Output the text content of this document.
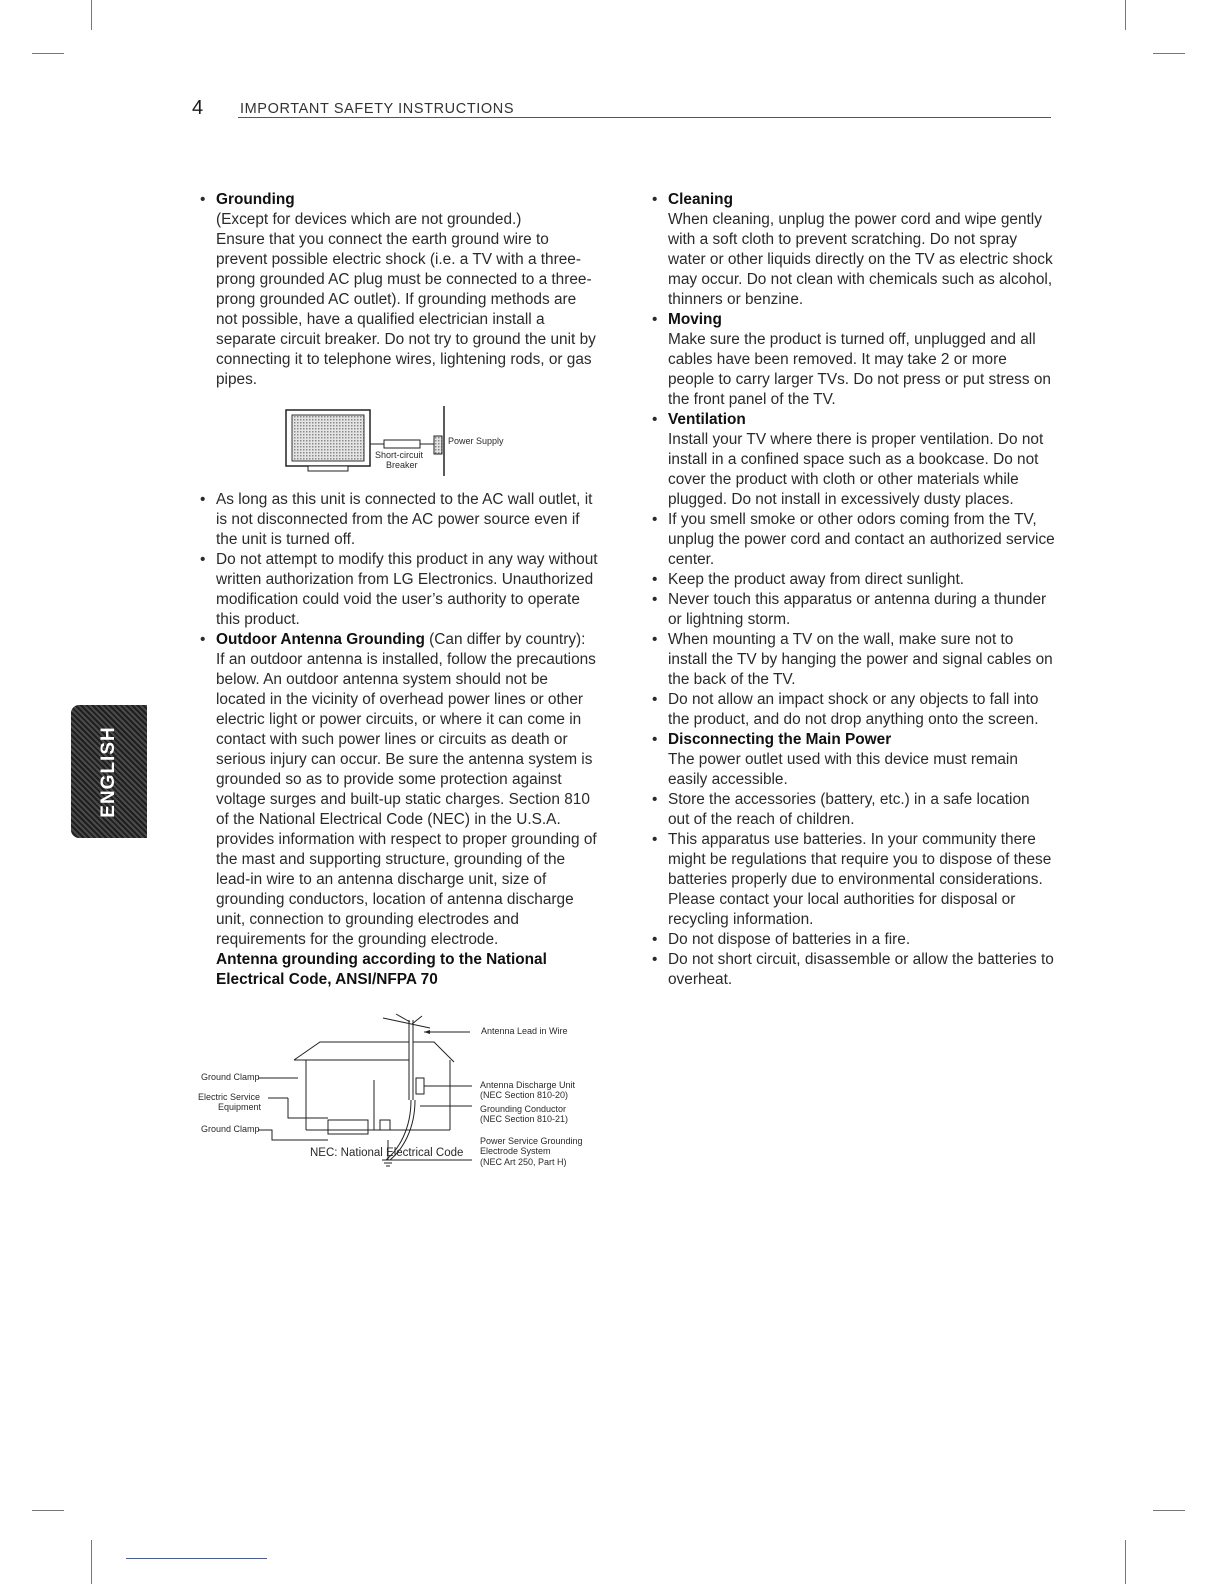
4	IMPORTANT SAFETY INSTRUCTIONS
ENGLISH
• Grounding
(Except for devices which are not grounded.)
Ensure that you connect the earth ground wire to prevent possible electric shock (i.e. a TV with a three-prong grounded AC plug must be connected to a three-prong grounded AC outlet). If grounding methods are not possible, have a qualified electrician install a separate circuit breaker. Do not try to ground the unit by connecting it to telephone wires, lightening rods, or gas pipes.
Power Supply
Short-circuit
Breaker
• As long as this unit is connected to the AC wall outlet, it is not disconnected from the AC power source even if the unit is turned off.
• Do not attempt to modify this product in any way without written authorization from LG Electronics. Unauthorized modification could void the user’s authority to operate this product.
• Outdoor Antenna Grounding (Can differ by country):
If an outdoor antenna is installed, follow the precautions below. An outdoor antenna system should not be located in the vicinity of overhead power lines or other electric light or power circuits, or where it can come in contact with such power lines or circuits as death or serious injury can occur. Be sure the antenna system is grounded so as to provide some protection against voltage surges and built-up static charges. Section 810 of the National Electrical Code (NEC) in the U.S.A. provides information with respect to proper grounding of the mast and supporting structure, grounding of the lead-in wire to an antenna discharge unit, size of grounding conductors, location of antenna discharge unit, connection to grounding electrodes and requirements for the grounding electrode.
Antenna grounding according to the National Electrical Code, ANSI/NFPA 70
Antenna Lead in Wire
Ground Clamp
Electric Service
Equipment
Ground Clamp
Antenna Discharge Unit
(NEC Section 810-20)
Grounding Conductor
(NEC Section 810-21)
Power Service Grounding
Electrode System
(NEC Art 250, Part H)
NEC: National Electrical Code
• Cleaning
When cleaning, unplug the power cord and wipe gently with a soft cloth to prevent scratching. Do not spray water or other liquids directly on the TV as electric shock may occur. Do not clean with chemicals such as alcohol, thinners or benzine.
• Moving
Make sure the product is turned off, unplugged and all cables have been removed. It may take 2 or more people to carry larger TVs. Do not press or put stress on the front panel of the TV.
• Ventilation
Install your TV where there is proper ventilation. Do not install in a confined space such as a bookcase. Do not cover the product with cloth or other materials while plugged. Do not install in excessively dusty places.
• If you smell smoke or other odors coming from the TV, unplug the power cord and contact an authorized service center.
• Keep the product away from direct sunlight.
• Never touch this apparatus or antenna during a thunder or lightning storm.
• When mounting a TV on the wall, make sure not to install the TV by hanging the power and signal cables on the back of the TV.
• Do not allow an impact shock or any objects to fall into the product, and do not drop anything onto the screen.
• Disconnecting the Main Power
The power outlet used with this device must remain easily accessible.
• Store the accessories (battery, etc.) in a safe location out of the reach of children.
• This apparatus use batteries. In your community there might be regulations that require you to dispose of these batteries properly due to environmental considerations. Please contact your local authorities for disposal or recycling information.
• Do not dispose of batteries in a fire.
• Do not short circuit, disassemble or allow the batteries to overheat.
